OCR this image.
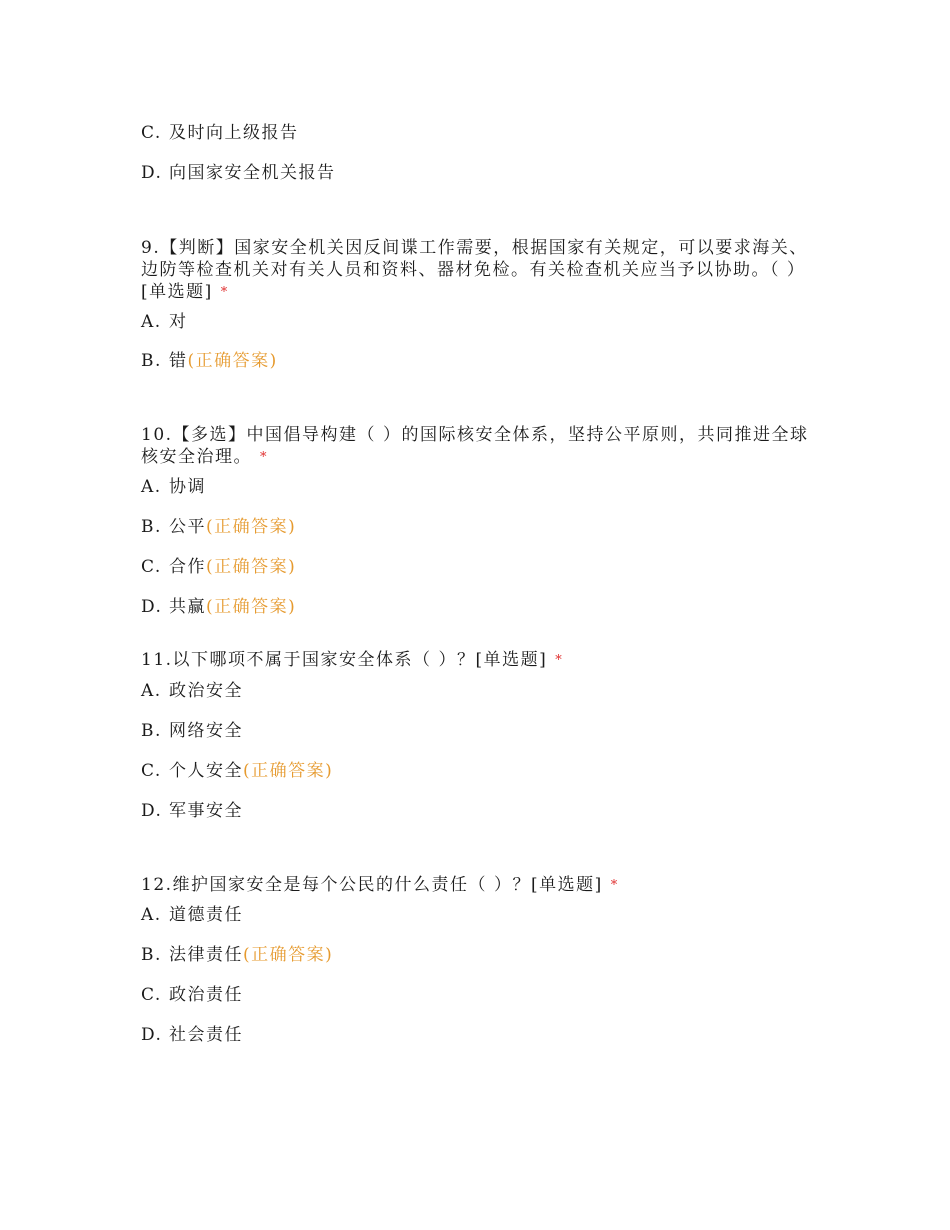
C. 及时向上级报告
D. 向国家安全机关报告
9.【判断】国家安全机关因反间谍工作需要，根据国家有关规定，可以要求海关、
边防等检查机关对有关人员和资料、器材免检。有关检查机关应当予以协助。（ ）
[单选题] *
A. 对
B. 错(正确答案)
10.【多选】中国倡导构建（ ）的国际核安全体系，坚持公平原则，共同推进全球
核安全治理。 *
A. 协调
B. 公平(正确答案)
C. 合作(正确答案)
D. 共赢(正确答案)
11.以下哪项不属于国家安全体系（ ）？[单选题] *
A. 政治安全
B. 网络安全
C. 个人安全(正确答案)
D. 军事安全
12.维护国家安全是每个公民的什么责任（ ）？[单选题] *
A. 道德责任
B. 法律责任(正确答案)
C. 政治责任
D. 社会责任
